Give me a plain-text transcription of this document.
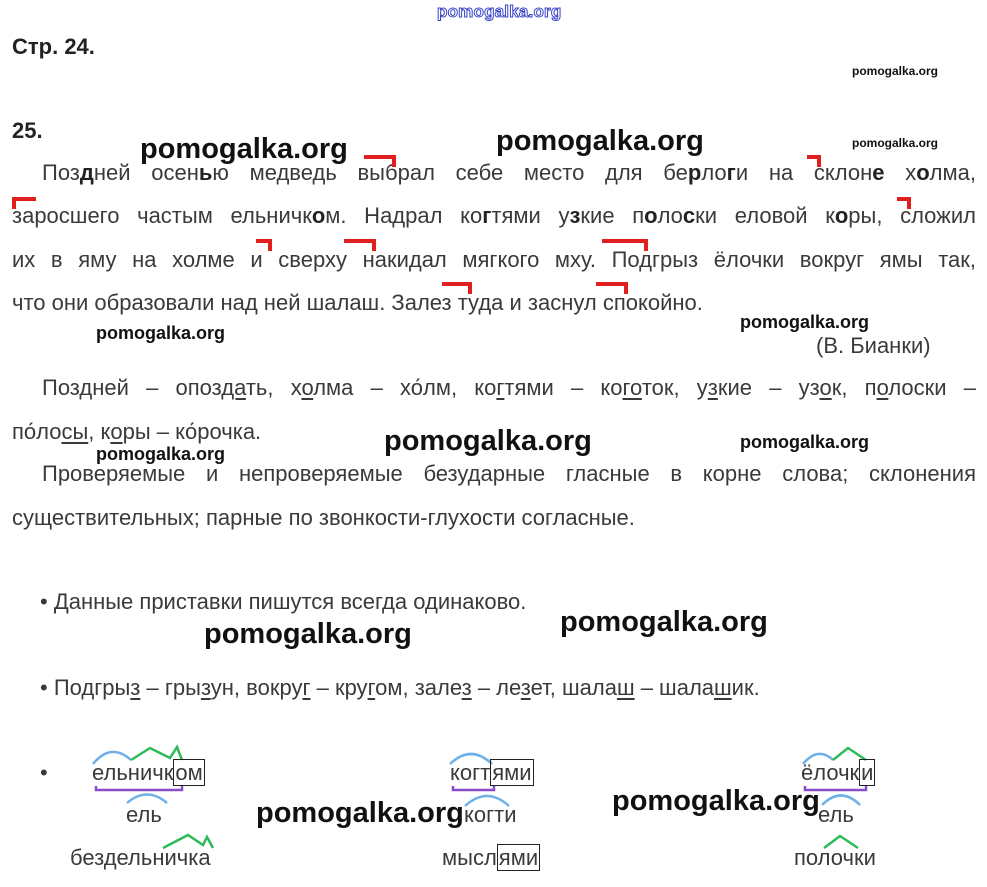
pomogalka.org
Стр. 24.
pomogalka.org
25.	pomogalka.org
pomogalka.org	pomogalka.org
Поздней осенью медведь выбрал себе место для берлоги на склоне холма,
заросшего частым ельничком. Надрал когтями узкие полоски еловой коры, сложил
их в яму на холме и сверху накидал мягкого мху. Подгрыз ёлочки вокруг ямы так,
что они образовали над ней шалаш. Залез туда и заснул спокойно.
pomogalka.org
pomogalka.org
(В. Бианки)
Поздней – опоздать, холма – хо́лм, когтями – коготок, узкие – узок, полоски –
по́лосы, коры – ко́рочка.
pomogalka.org	pomogalka.org	pomogalka.org
Проверяемые и непроверяемые безударные гласные в корне слова; склонения
существительных; парные по звонкости-глухости согласные.
• Данные приставки пишутся всегда одинаково.
pomogalka.org	pomogalka.org
• Подгрыз – грызун, вокруг – кругом, залез – лезет, шалаш – шалашик.
• ельничком
ель
бездельничка
когтями
когти
мыслями
ёлочки
ель
полочки
pomogalka.org	pomogalka.org
